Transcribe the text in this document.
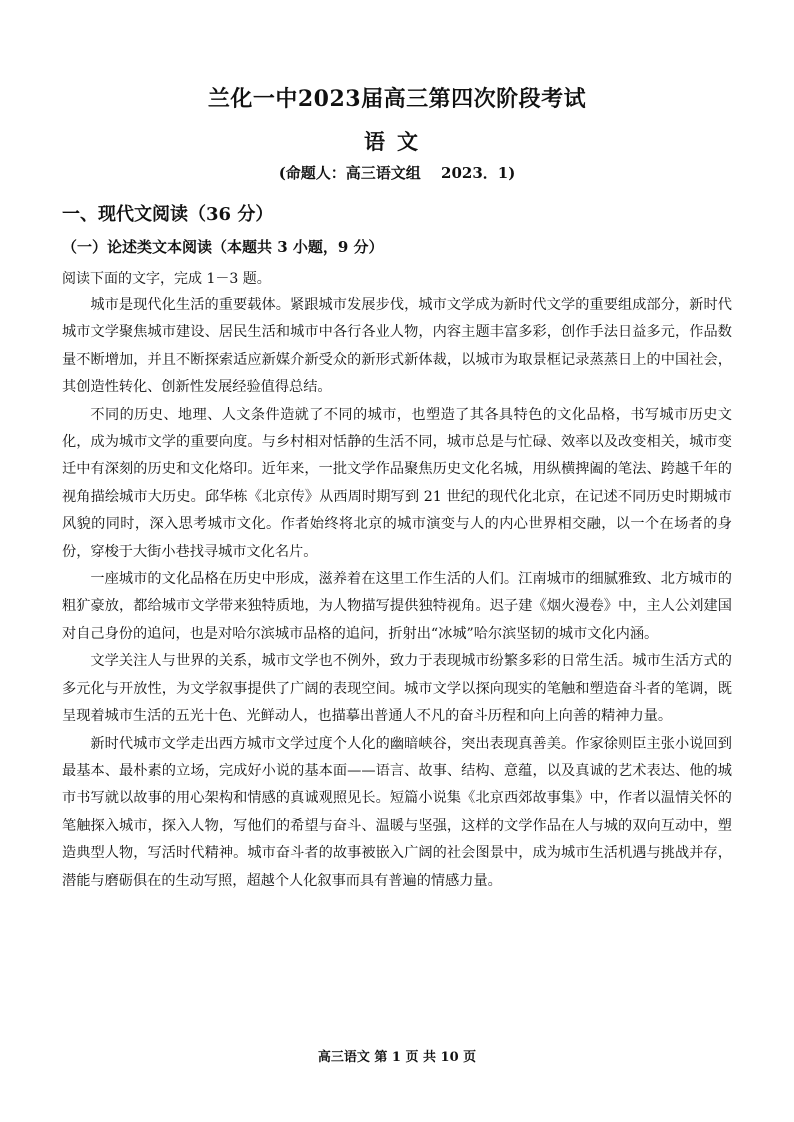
兰化一中2023届高三第四次阶段考试
语文
(命题人：高三语文组　 2023．1)
一、现代文阅读（36 分）
（一）论述类文本阅读（本题共 3 小题，9 分）
阅读下面的文字，完成 1－3 题。

城市是现代化生活的重要载体。紧跟城市发展步伐，城市文学成为新时代文学的重要组成部分，新时代城市文学聚焦城市建设、居民生活和城市中各行各业人物，内容主题丰富多彩，创作手法日益多元，作品数量不断增加，并且不断探索适应新媒介新受众的新形式新体裁，以城市为取景框记录蒸蒸日上的中国社会，其创造性转化、创新性发展经验值得总结。

不同的历史、地理、人文条件造就了不同的城市，也塑造了其各具特色的文化品格，书写城市历史文化，成为城市文学的重要向度。与乡村相对恬静的生活不同，城市总是与忙碌、效率以及改变相关，城市变迁中有深刻的历史和文化烙印。近年来，一批文学作品聚焦历史文化名城，用纵横捭阖的笔法、跨越千年的视角描绘城市大历史。邱华栋《北京传》从西周时期写到 21 世纪的现代化北京，在记述不同历史时期城市风貌的同时，深入思考城市文化。作者始终将北京的城市演变与人的内心世界相交融，以一个在场者的身份，穿梭于大街小巷找寻城市文化名片。

一座城市的文化品格在历史中形成，滋养着在这里工作生活的人们。江南城市的细腻雅致、北方城市的粗犷豪放，都给城市文学带来独特质地，为人物描写提供独特视角。迟子建《烟火漫卷》中，主人公刘建国对自己身份的追问，也是对哈尔滨城市品格的追问，折射出“冰城”哈尔滨坚韧的城市文化内涵。

文学关注人与世界的关系，城市文学也不例外，致力于表现城市纷繁多彩的日常生活。城市生活方式的多元化与开放性，为文学叙事提供了广阔的表现空间。城市文学以探向现实的笔触和塑造奋斗者的笔调，既呈现着城市生活的五光十色、光鲜动人，也描摹出普通人不凡的奋斗历程和向上向善的精神力量。

新时代城市文学走出西方城市文学过度个人化的幽暗峡谷，突出表现真善美。作家徐则臣主张小说回到最基本、最朴素的立场，完成好小说的基本面——语言、故事、结构、意蕴，以及真诚的艺术表达、他的城市书写就以故事的用心架构和情感的真诚观照见长。短篇小说集《北京西郊故事集》中，作者以温情关怀的笔触探入城市，探入人物，写他们的希望与奋斗、温暖与坚强，这样的文学作品在人与城的双向互动中，塑造典型人物，写活时代精神。城市奋斗者的故事被嵌入广阔的社会图景中，成为城市生活机遇与挑战并存，潜能与磨砺俱在的生动写照，超越个人化叙事而具有普遍的情感力量。

高三语文 第 1 页 共 10 页
